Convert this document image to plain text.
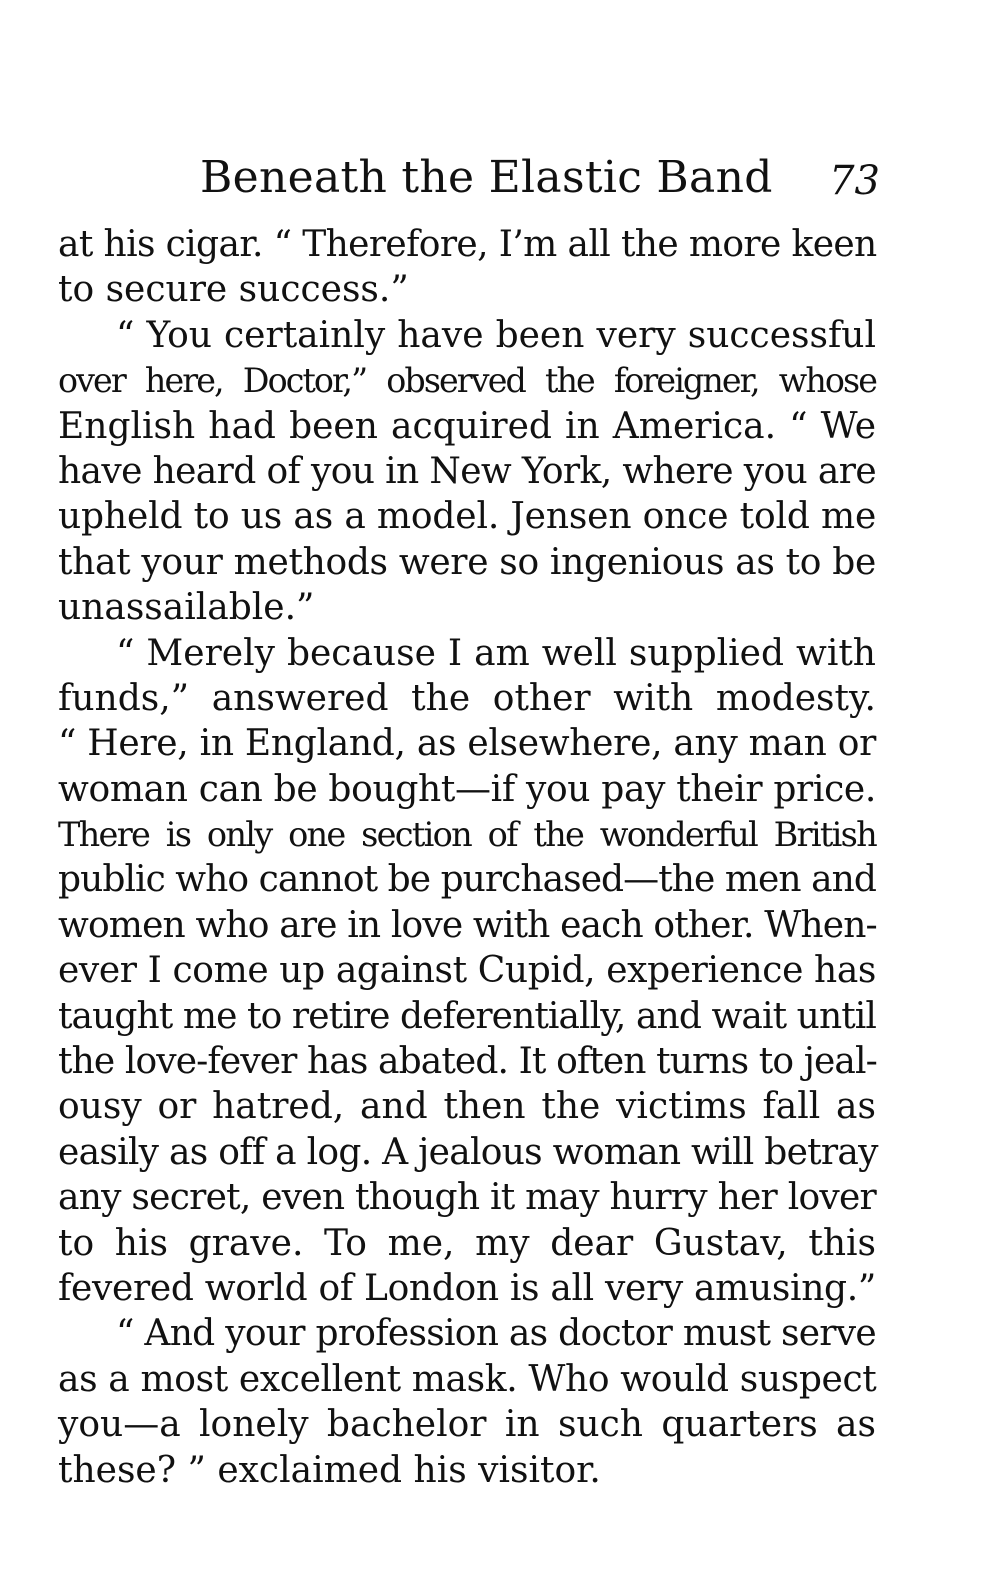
Beneath the Elastic Band 73

at his cigar. “ Therefore, I’m all the more keen
to secure success.”

“ You certainly have been very successful
over here, Doctor,” observed the foreigner, whose
English had been acquired in America. “ We
have heard of you in New York, where you are
upheld to us as a model. Jensen once told me
that your methods were so ingenious as to be
unassailable.”

“ Merely because I am well supplied with
funds,” answered the other with modesty.
“ Here, in England, as elsewhere, any man or
woman can be bought—if you pay their price.
There is only one section of the wonderful British
public who cannot be purchased—the men and
women who are in love with each other. When-
ever I come up against Cupid, experience has
taught me to retire deferentially, and wait until
the love-fever has abated. It often turns to jeal-
ousy or hatred, and then the victims fall as
easily as off a log. A jealous woman will betray
any secret, even though it may hurry her lover
to his grave. To me, my dear Gustav, this
fevered world of London is all very amusing.”

“ And your profession as doctor must serve
as a most excellent mask. Who would suspect
you—a lonely bachelor in such quarters as
these? ” exclaimed his visitor.
